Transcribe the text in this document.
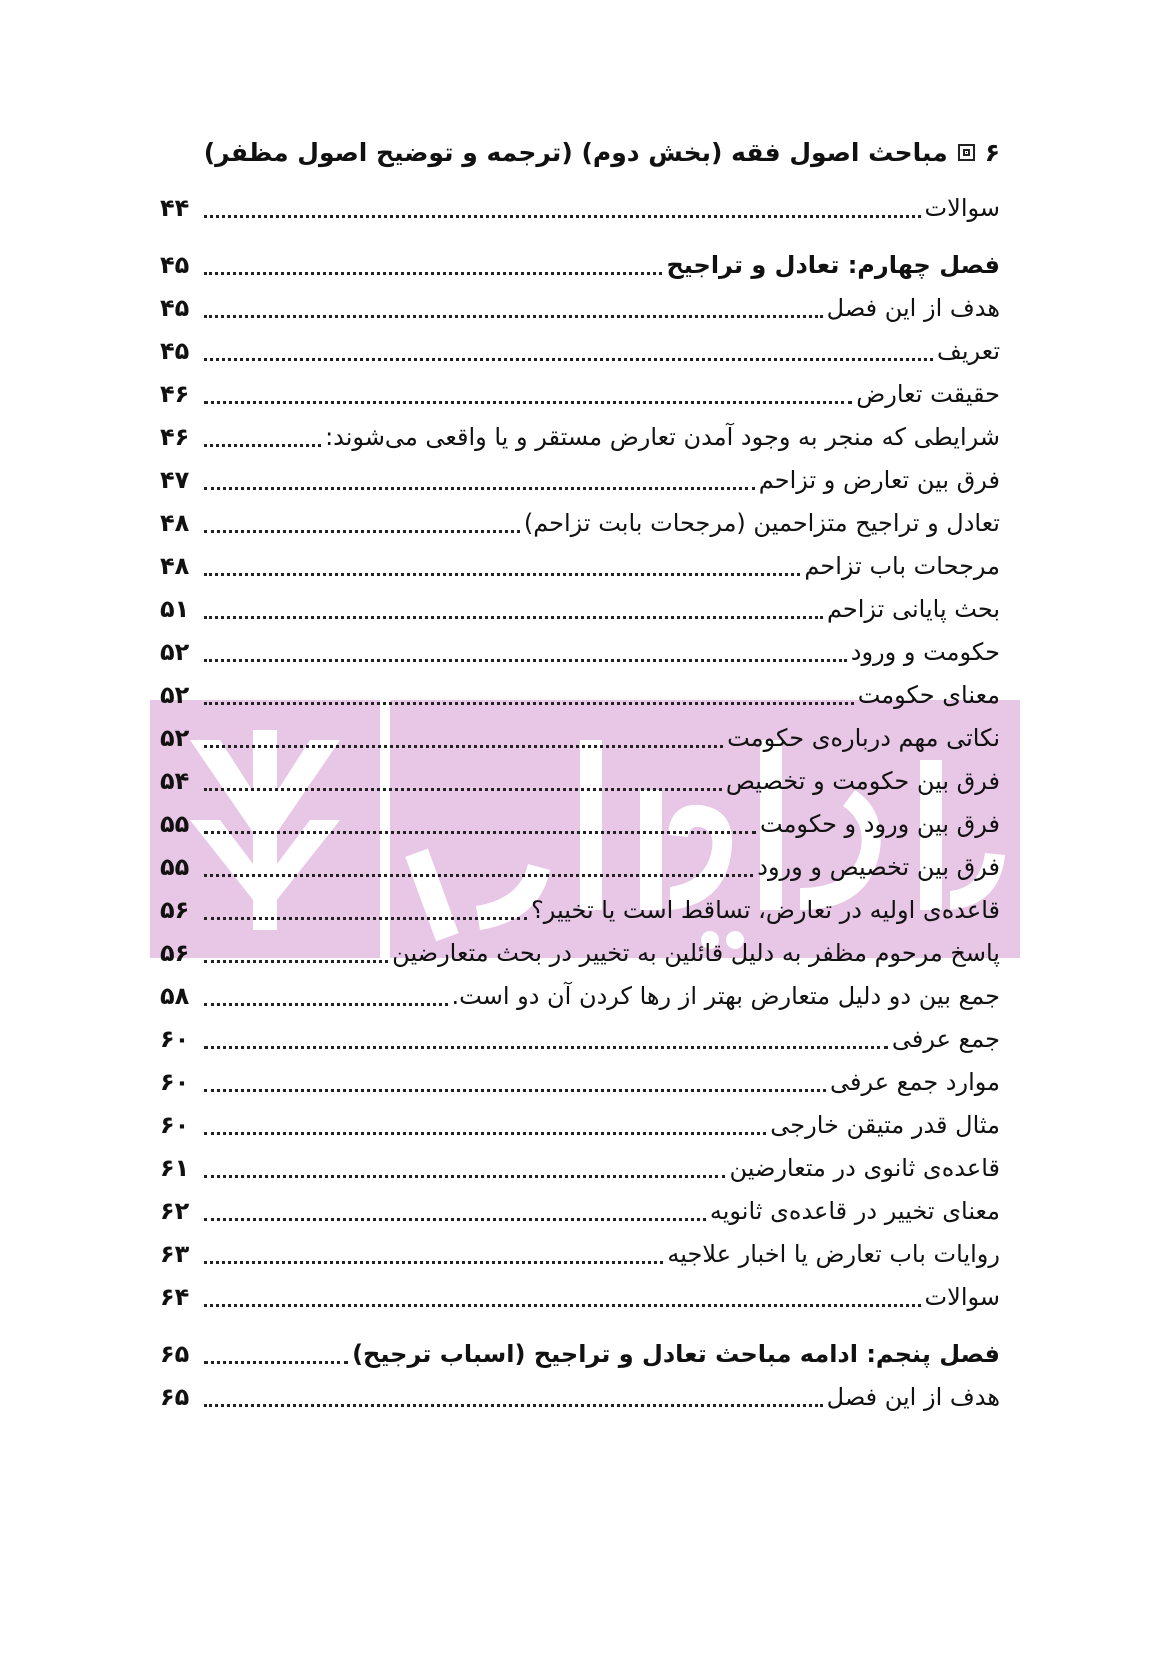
۶
مباحث اصول فقه (بخش دوم) (ترجمه و توضیح اصول مظفر)
سوالات
۴۴
فصل چهارم: تعادل و تراجیح
۴۵
هدف از این فصل
۴۵
تعریف
۴۵
حقیقت تعارض
۴۶
شرایطی که منجر به وجود آمدن تعارض مستقر و یا واقعی می‌شوند:
۴۶
فرق بین تعارض و تزاحم
۴۷
تعادل و تراجیح متزاحمین (مرجحات بابت تزاحم)
۴۸
مرجحات باب تزاحم
۴۸
بحث پایانی تزاحم
۵۱
حکومت و ورود
۵۲
معنای حکومت
۵۲
نکاتی مهم درباره‌ی حکومت
۵۲
فرق بین حکومت و تخصیص
۵۴
فرق بین ورود و حکومت
۵۵
فرق بین تخصیص و ورود
۵۵
قاعده‌ی اولیه در تعارض، تساقط است یا تخییر؟
۵۶
پاسخ مرحوم مظفر به دلیل قائلین به تخییر در بحث متعارضین
۵۶
جمع بین دو دلیل متعارض بهتر از رها کردن آن دو است.
۵۸
جمع عرفی
۶۰
موارد جمع عرفی
۶۰
مثال قدر متیقن خارجی
۶۰
قاعده‌ی ثانوی در متعارضین
۶۱
معنای تخییر در قاعده‌ی ثانویه
۶۲
روایات باب تعارض یا اخبار علاجیه
۶۳
سوالات
۶۴
فصل پنجم: ادامه مباحث تعادل و تراجیح (اسباب ترجیح)
۶۵
هدف از این فصل
۶۵
